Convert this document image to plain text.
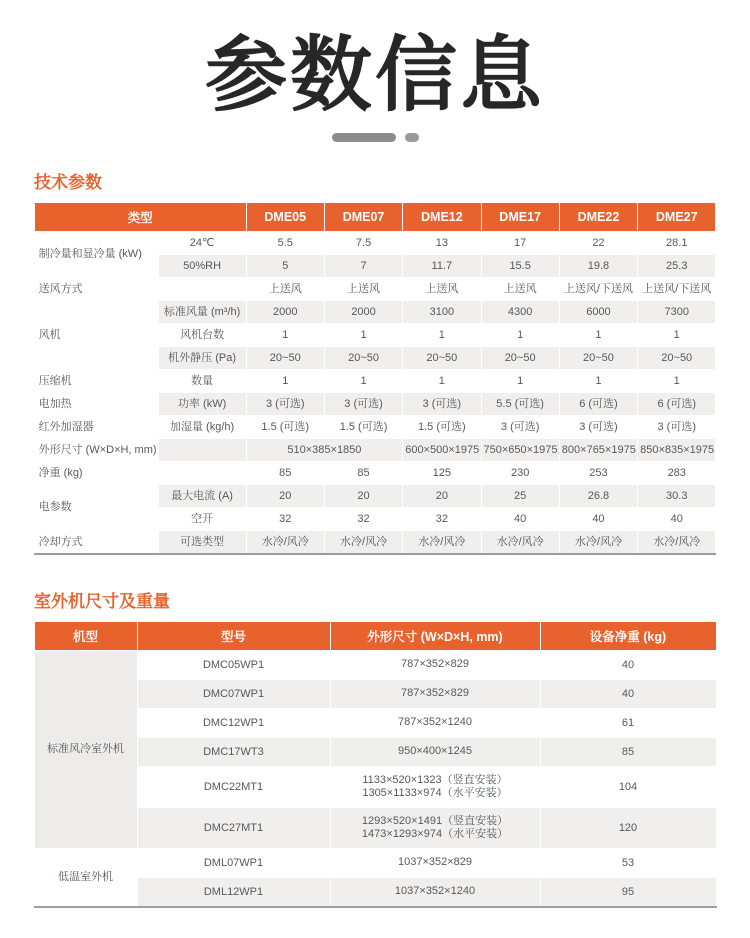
参数信息
技术参数
类型		DME05	DME07	DME12	DME17	DME22	DME27
制冷量和显冷量 (kW)	24℃	5.5	7.5	13	17	22	28.1
	50%RH	5	7	11.7	15.5	19.8	25.3
送风方式		上送风	上送风	上送风	上送风	上送风/下送风	上送风/下送风
风机	标准风量 (m³/h)	2000	2000	3100	4300	6000	7300
	风机台数	1	1	1	1	1	1
	机外静压 (Pa)	20~50	20~50	20~50	20~50	20~50	20~50
压缩机	数量	1	1	1	1	1	1
电加热	功率 (kW)	3 (可选)	3 (可选)	3 (可选)	5.5 (可选)	6 (可选)	6 (可选)
红外加湿器	加湿量 (kg/h)	1.5 (可选)	1.5 (可选)	1.5 (可选)	3 (可选)	3 (可选)	3 (可选)
外形尺寸 (W×D×H, mm)		510×385×1850		600×500×1975	750×650×1975	800×765×1975	850×835×1975
净重 (kg)		85	85	125	230	253	283
电参数	最大电流 (A)	20	20	20	25	26.8	30.3
	空开	32	32	32	40	40	40
冷却方式	可选类型	水冷/风冷	水冷/风冷	水冷/风冷	水冷/风冷	水冷/风冷	水冷/风冷
室外机尺寸及重量
机型	型号	外形尺寸 (W×D×H, mm)	设备净重 (kg)
标准风冷室外机	DMC05WP1	787×352×829	40
	DMC07WP1	787×352×829	40
	DMC12WP1	787×352×1240	61
	DMC17WT3	950×400×1245	85
	DMC22MT1	1133×520×1323（竖直安装）
1305×1133×974（水平安装）	104
	DMC27MT1	1293×520×1491（竖直安装）
1473×1293×974（水平安装）	120
低温室外机	DML07WP1	1037×352×829	53
	DML12WP1	1037×352×1240	95
